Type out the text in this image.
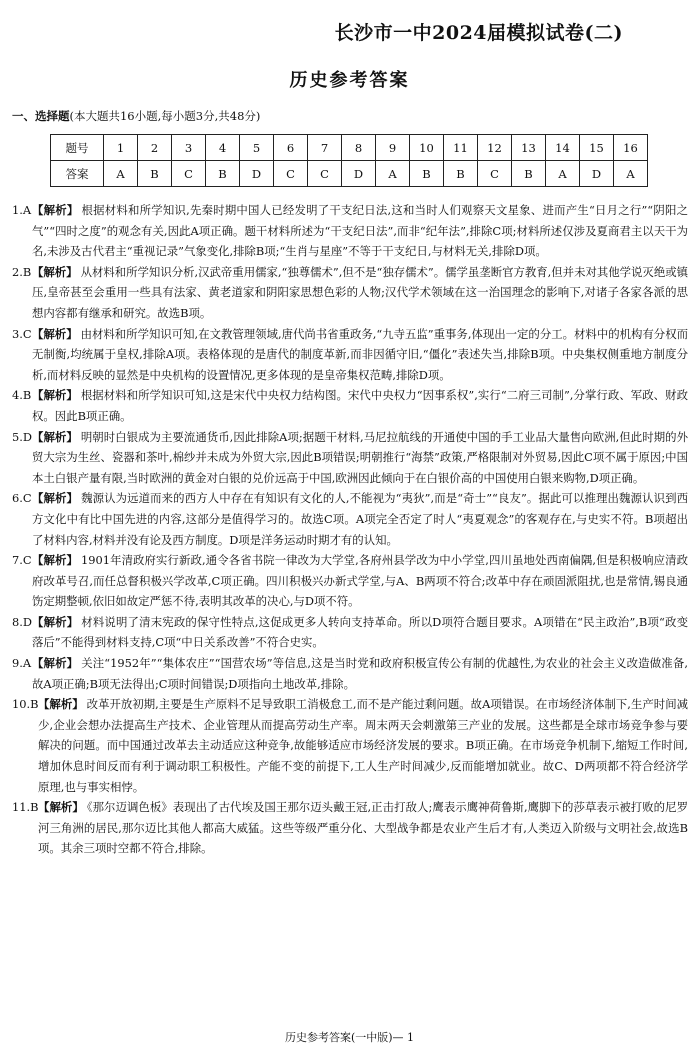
长沙市一中2024届模拟试卷(二)
历史参考答案
一、选择题(本大题共16小题,每小题3分,共48分)
题号	1	2	3	4	5	6	7	8	9	10	11	12	13	14	15	16
答案	A	B	C	B	D	C	C	D	A	B	B	C	B	A	D	A

1.A 【解析】 根据材料和所学知识,先秦时期中国人已经发明了干支纪日法,这和当时人们观察天文星象、进而产生“日月之行”“阴阳之气”“四时之度”的观念有关,因此A项正确。题干材料所述为“干支纪日法”,而非“纪年法”,排除C项;材料所述仅涉及夏商君主以天干为名,未涉及古代君主“重视记录”气象变化,排除B项;“生肖与星座”不等于干支纪日,与材料无关,排除D项。

2.B 【解析】 从材料和所学知识分析,汉武帝重用儒家,“独尊儒术”,但不是“独存儒术”。儒学虽垄断官方教育,但并未对其他学说灭绝或镇压,皇帝甚至会重用一些具有法家、黄老道家和阴阳家思想色彩的人物;汉代学术领域在这一治国理念的影响下,对诸子各家各派的思想内容都有继承和研究。故选B项。

3.C 【解析】 由材料和所学知识可知,在文教管理领域,唐代尚书省重政务,“九寺五监”重事务,体现出一定的分工。材料中的机构有分权而无制衡,均统属于皇权,排除A项。表格体现的是唐代的制度革新,而非因循守旧,“僵化”表述失当,排除B项。中央集权侧重地方制度分析,而材料反映的显然是中央机构的设置情况,更多体现的是皇帝集权范畴,排除D项。

4.B 【解析】 根据材料和所学知识可知,这是宋代中央权力结构图。宋代中央权力“因事系权”,实行“二府三司制”,分掌行政、军政、财政权。因此B项正确。

5.D 【解析】 明朝时白银成为主要流通货币,因此排除A项;据题干材料,马尼拉航线的开通使中国的手工业品大量售向欧洲,但此时期的外贸大宗为生丝、瓷器和茶叶,棉纱并未成为外贸大宗,因此B项错误;明朝推行“海禁”政策,严格限制对外贸易,因此C项不属于原因;中国本土白银产量有限,当时欧洲的黄金对白银的兑价远高于中国,欧洲因此倾向于在白银价高的中国使用白银来购物,D项正确。

6.C 【解析】 魏源认为远道而来的西方人中存在有知识有文化的人,不能视为“夷狄”,而是“奇士”“良友”。据此可以推理出魏源认识到西方文化中有比中国先进的内容,这部分是值得学习的。故选C项。A项完全否定了时人“夷夏观念”的客观存在,与史实不符。B项超出了材料内容,材料并没有论及西方制度。D项是洋务运动时期才有的认知。

7.C 【解析】 1901年清政府实行新政,通令各省书院一律改为大学堂,各府州县学改为中小学堂,四川虽地处西南偏隅,但是积极响应清政府改革号召,而任总督积极兴学改革,C项正确。四川积极兴办新式学堂,与A、B两项不符合;改革中存在顽固派阻扰,也是常情,锡良通饬定期整顿,依旧如故定严惩不待,表明其改革的决心,与D项不符。

8.D 【解析】 材料说明了清末宪政的保守性特点,这促成更多人转向支持革命。所以D项符合题目要求。A项错在“民主政治”,B项“政变落后”不能得到材料支持,C项“中日关系改善”不符合史实。

9.A 【解析】 关注“1952年”“集体农庄”“国营农场”等信息,这是当时党和政府积极宣传公有制的优越性,为农业的社会主义改造做准备,故A项正确;B项无法得出;C项时间错误;D项指向土地改革,排除。

10.B 【解析】 改革开放初期,主要是生产原料不足导致职工消极怠工,而不是产能过剩问题。故A项错误。在市场经济体制下,生产时间减少,企业会想办法提高生产技术、企业管理从而提高劳动生产率。周末两天会刺激第三产业的发展。这些都是全球市场竞争参与要解决的问题。而中国通过改革去主动适应这种竞争,故能够适应市场经济发展的要求。B项正确。在市场竞争机制下,缩短工作时间,增加休息时间反而有利于调动职工积极性。产能不变的前提下,工人生产时间减少,反而能增加就业。故C、D两项都不符合经济学原理,也与事实相悖。

11.B 【解析】 《那尔迈调色板》表现出了古代埃及国王那尔迈头戴王冠,正击打敌人;鹰表示鹰神荷鲁斯,鹰脚下的莎草表示被打败的尼罗河三角洲的居民,那尔迈比其他人都高大威猛。这些等级严重分化、大型战争都是农业产生后才有,人类迈入阶级与文明社会,故选B项。其余三项时空都不符合,排除。

历史参考答案(一中版)— 1
